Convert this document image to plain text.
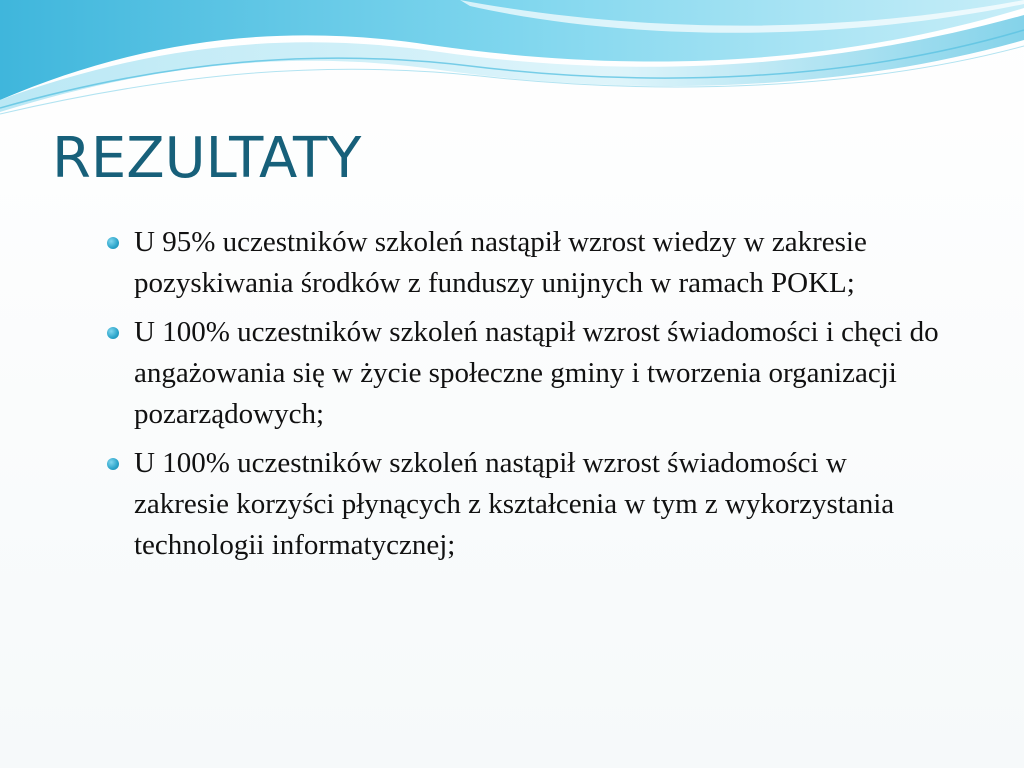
REZULTATY
U 95% uczestników szkoleń nastąpił wzrost wiedzy w zakresie pozyskiwania środków z funduszy unijnych w ramach POKL;
U 100% uczestników szkoleń nastąpił wzrost świadomości i chęci do angażowania się w życie społeczne gminy i tworzenia organizacji pozarządowych;
U 100% uczestników szkoleń nastąpił wzrost świadomości w zakresie korzyści płynących z kształcenia w tym z wykorzystania technologii informatycznej;
